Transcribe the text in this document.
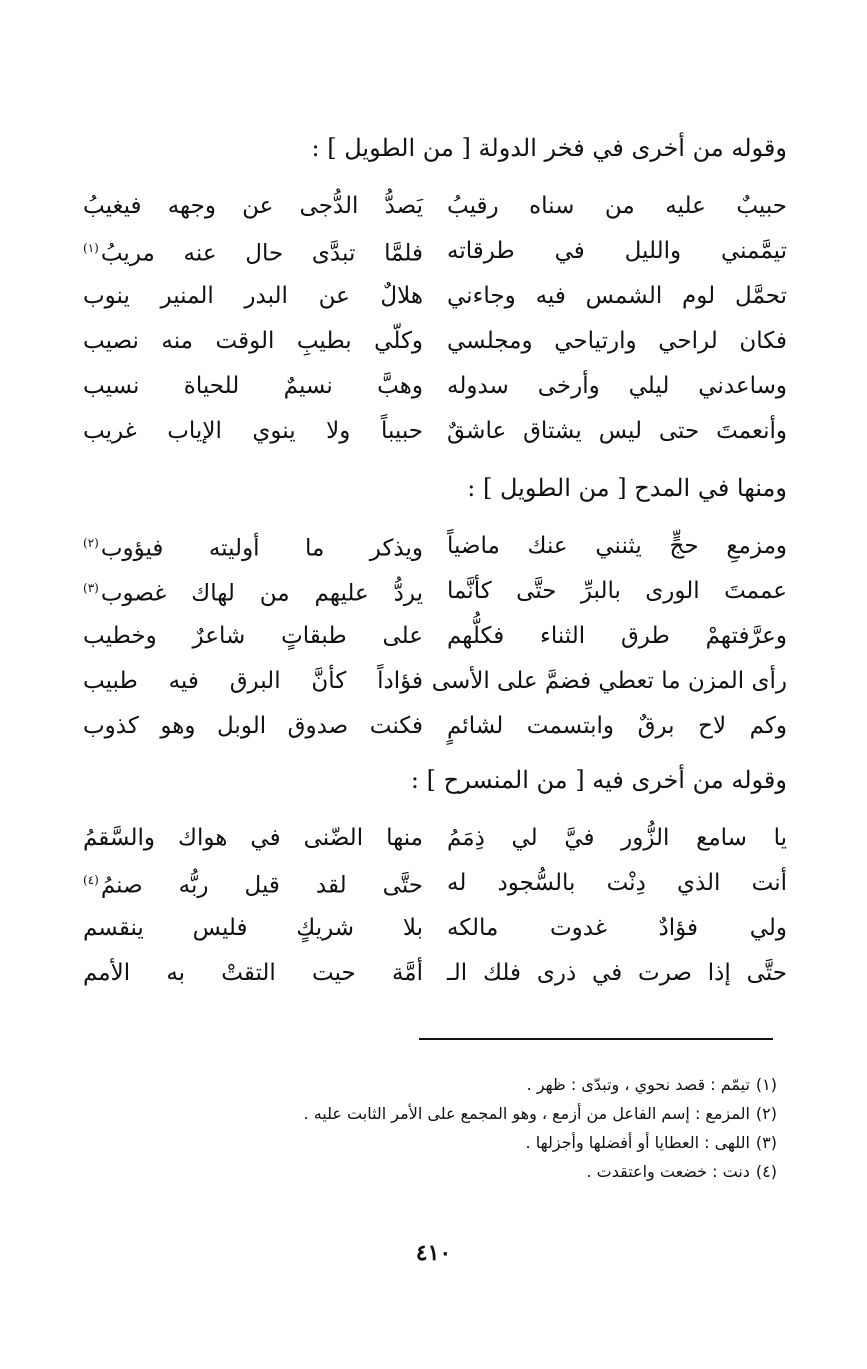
وقوله من أخرى في فخر الدولة [ من الطويل ] :
حبيبٌ عليه من سناه رقيبُ
يَصدُّ الدُّجى عن وجهه فيغيبُ
تيمَّمني والليل في طرقاته
فلمَّا تبدَّى حال عنه مريبُ$^{(١)}$
تحمَّل لوم الشمس فيه وجاءني
هلالٌ عن البدر المنير ينوب
فكان لراحي وارتياحي ومجلسي
وكلّي بطيبِ الوقت منه نصيب
وساعدني ليلي وأرخى سدوله
وهبَّ نسيمٌ للحياة نسيب
وأنعمتَ حتى ليس يشتاق عاشقٌ
حبيباً ولا ينوي الإياب غريب
ومنها في المدح [ من الطويل ] :
ومزمعِ حجٍّ يثنني عنك ماضياً
ويذكر ما أوليته فيؤوب$^{(٢)}$
عممتَ الورى بالبرِّ حتَّى كأنَّما
يردُّ عليهم من لهاك غصوب$^{(٣)}$
وعرَّفتهمْ طرق الثناء فكلُّهم
على طبقاتٍ شاعرٌ وخطيب
رأى المزن ما تعطي فضمَّ على الأسى
فؤاداً كأنَّ البرق فيه طبيب
وكم لاح برقٌ وابتسمت لشائمٍ
فكنت صدوق الوبل وهو كذوب
وقوله من أخرى فيه [ من المنسرح ] :
يا سامع الزُّور فيَّ لي ذِمَمُ
منها الضّنى في هواك والسَّقمُ
أنت الذي دِنْت بالسُّجود له
حتَّى لقد قيل ربُّه صنمُ$^{(٤)}$
ولي فؤادٌ غدوت مالكه
بلا شريكٍ فليس ينقسم
حتَّى إذا صرت في ذرى فلك الـ
أمَّة حيت التقتْ به الأمم
(١)تيمّم : قصد نحوي ، وتبدّى : ظهر .
(٢)المزمع : إسم الفاعل من أزمع ، وهو المجمع على الأمر الثابت عليه .
(٣)اللهى : العطايا أو أفضلها وأجزلها .
(٤)دنت : خضعت واعتقدت .
٤١٠
